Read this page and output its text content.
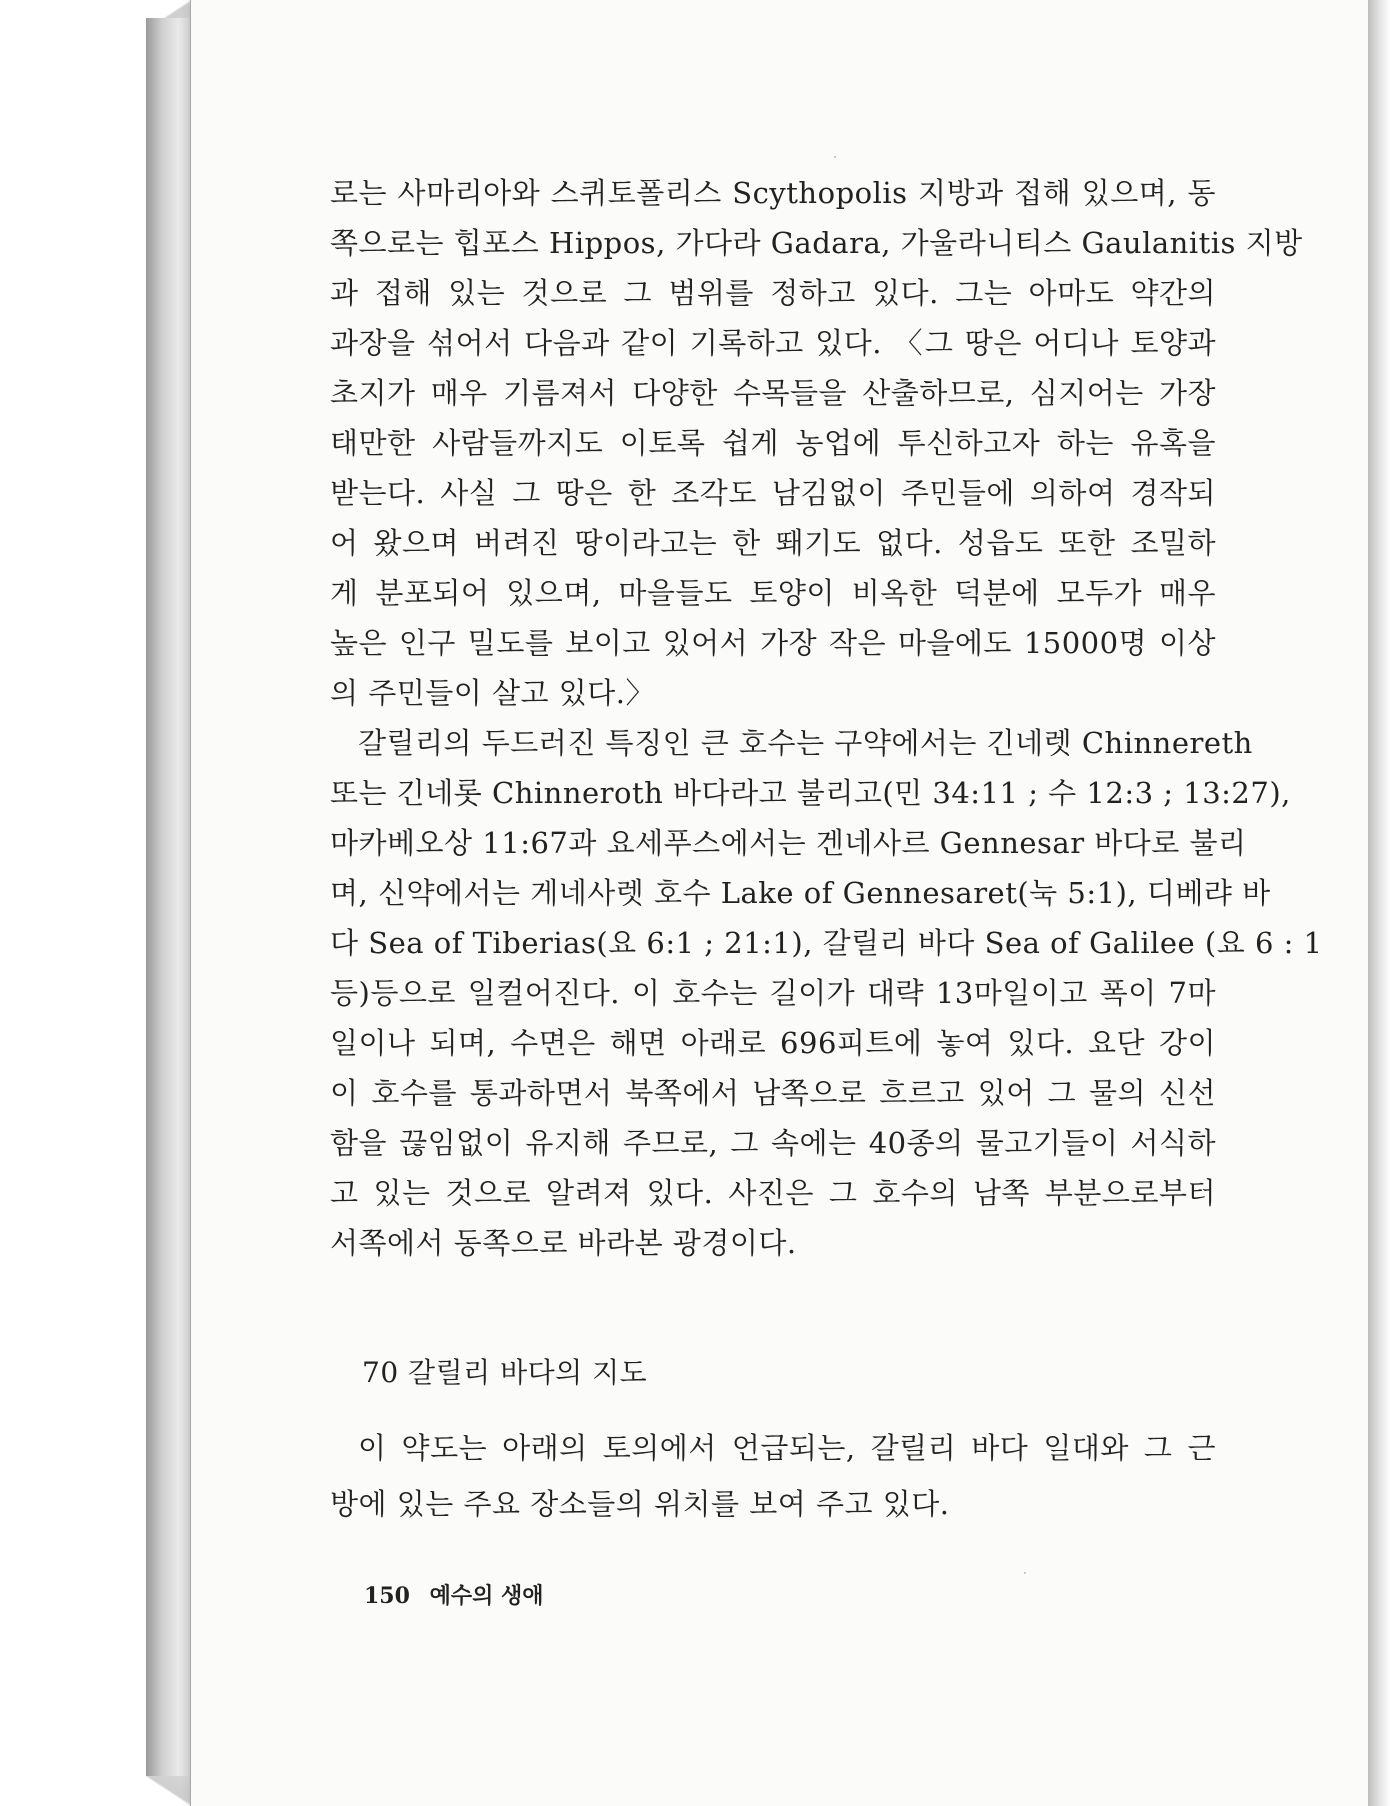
로는 사마리아와 스퀴토폴리스 Scythopolis 지방과 접해 있으며, 동
쪽으로는 힙포스 Hippos, 가다라 Gadara, 가울라니티스 Gaulanitis 지방
과 접해 있는 것으로 그 범위를 정하고 있다. 그는 아마도 약간의
과장을 섞어서 다음과 같이 기록하고 있다. 〈그 땅은 어디나 토양과
초지가 매우 기름져서 다양한 수목들을 산출하므로, 심지어는 가장
태만한 사람들까지도 이토록 쉽게 농업에 투신하고자 하는 유혹을
받는다. 사실 그 땅은 한 조각도 남김없이 주민들에 의하여 경작되
어 왔으며 버려진 땅이라고는 한 뙈기도 없다. 성읍도 또한 조밀하
게 분포되어 있으며, 마을들도 토양이 비옥한 덕분에 모두가 매우
높은 인구 밀도를 보이고 있어서 가장 작은 마을에도 15000명 이상
의 주민들이 살고 있다.〉
갈릴리의 두드러진 특징인 큰 호수는 구약에서는 긴네렛 Chinnereth
또는 긴네롯 Chinneroth 바다라고 불리고(민 34:11 ; 수 12:3 ; 13:27),
마카베오상 11:67과 요세푸스에서는 겐네사르 Gennesar 바다로 불리
며, 신약에서는 게네사렛 호수 Lake of Gennesaret(눅 5:1), 디베랴 바
다 Sea of Tiberias(요 6:1 ; 21:1), 갈릴리 바다 Sea of Galilee (요 6 : 1
등)등으로 일컬어진다. 이 호수는 길이가 대략 13마일이고 폭이 7마
일이나 되며, 수면은 해면 아래로 696피트에 놓여 있다. 요단 강이
이 호수를 통과하면서 북쪽에서 남쪽으로 흐르고 있어 그 물의 신선
함을 끊임없이 유지해 주므로, 그 속에는 40종의 물고기들이 서식하
고 있는 것으로 알려져 있다. 사진은 그 호수의 남쪽 부분으로부터
서쪽에서 동쪽으로 바라본 광경이다.
70 갈릴리 바다의 지도
이 약도는 아래의 토의에서 언급되는, 갈릴리 바다 일대와 그 근
방에 있는 주요 장소들의 위치를 보여 주고 있다.
150 예수의 생애
